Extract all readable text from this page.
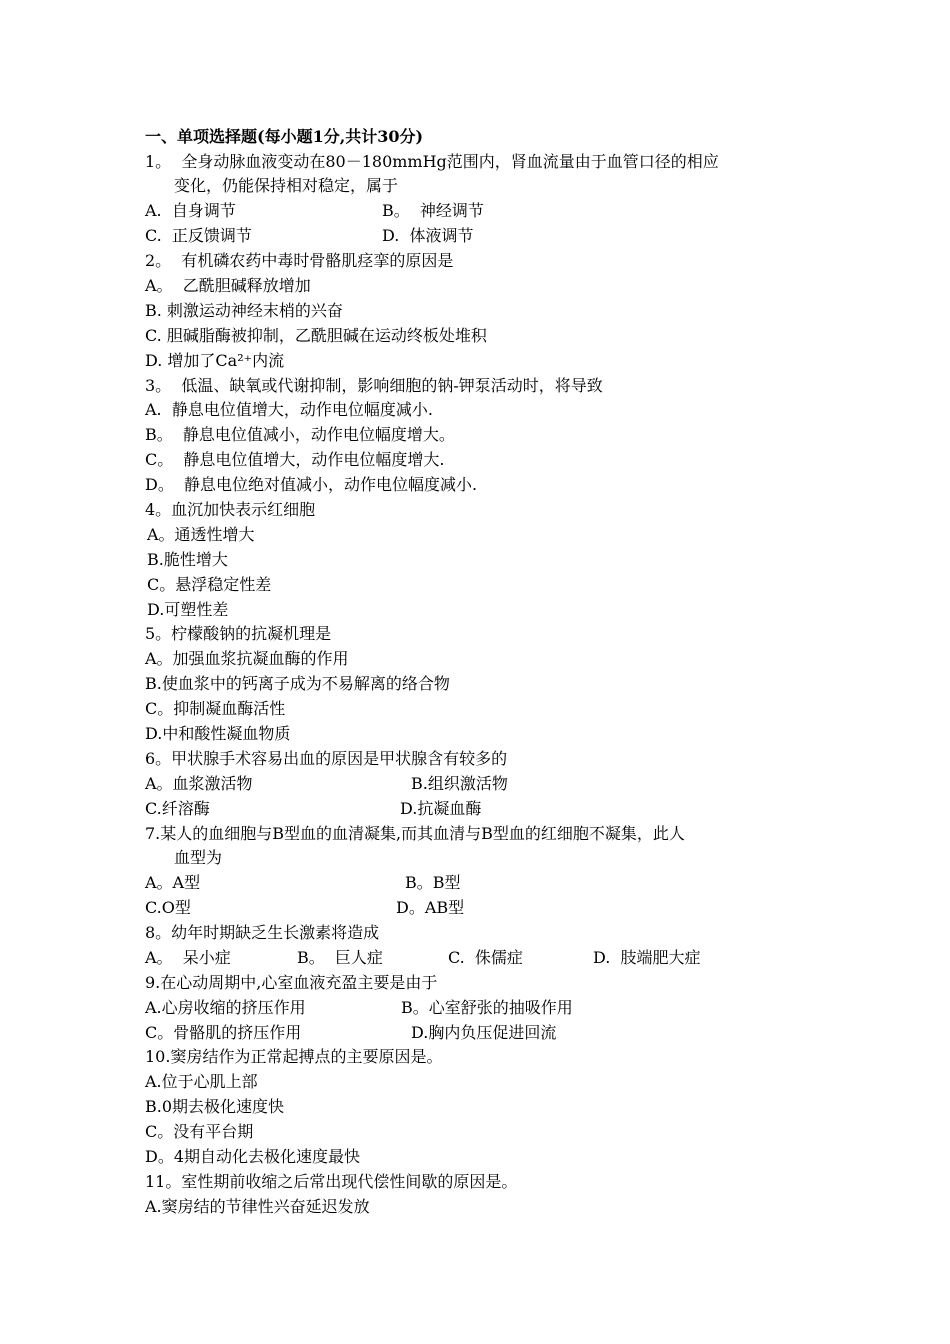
一、单项选择题(每小题1分,共计30分)
1。  全身动脉血液变动在80－180mmHg范围内，肾血流量由于血管口径的相应
变化，仍能保持相对稳定，属于
A.  自身调节	B。  神经调节
C.  正反馈调节	D.  体液调节
2。  有机磷农药中毒时骨骼肌痉挛的原因是
A。  乙酰胆碱释放增加
B. 刺激运动神经末梢的兴奋
C. 胆碱脂酶被抑制，乙酰胆碱在运动终板处堆积
D. 增加了Ca²⁺内流
3。  低温、缺氧或代谢抑制，影响细胞的钠-钾泵活动时，将导致
A.  静息电位值增大，动作电位幅度减小.
B。  静息电位值减小，动作电位幅度增大。
C。  静息电位值增大，动作电位幅度增大.
D。  静息电位绝对值减小，动作电位幅度减小.
4。血沉加快表示红细胞
A。通透性增大
B.脆性增大
C。悬浮稳定性差
D.可塑性差
5。柠檬酸钠的抗凝机理是
A。加强血浆抗凝血酶的作用
B.使血浆中的钙离子成为不易解离的络合物
C。抑制凝血酶活性
D.中和酸性凝血物质
6。甲状腺手术容易出血的原因是甲状腺含有较多的
A。血浆激活物	B.组织激活物
C.纤溶酶	D.抗凝血酶
7.某人的血细胞与B型血的血清凝集,而其血清与B型血的红细胞不凝集，此人
血型为
A。A型	B。B型
C.O型	D。AB型
8。幼年时期缺乏生长激素将造成
A。  呆小症	B。  巨人症	C.  侏儒症	D.  肢端肥大症
9.在心动周期中,心室血液充盈主要是由于
A.心房收缩的挤压作用	B。心室舒张的抽吸作用
C。骨骼肌的挤压作用	D.胸内负压促进回流
10.窦房结作为正常起搏点的主要原因是。
A.位于心肌上部
B.0期去极化速度快
C。没有平台期
D。4期自动化去极化速度最快
11。室性期前收缩之后常出现代偿性间歇的原因是。
A.窦房结的节律性兴奋延迟发放
